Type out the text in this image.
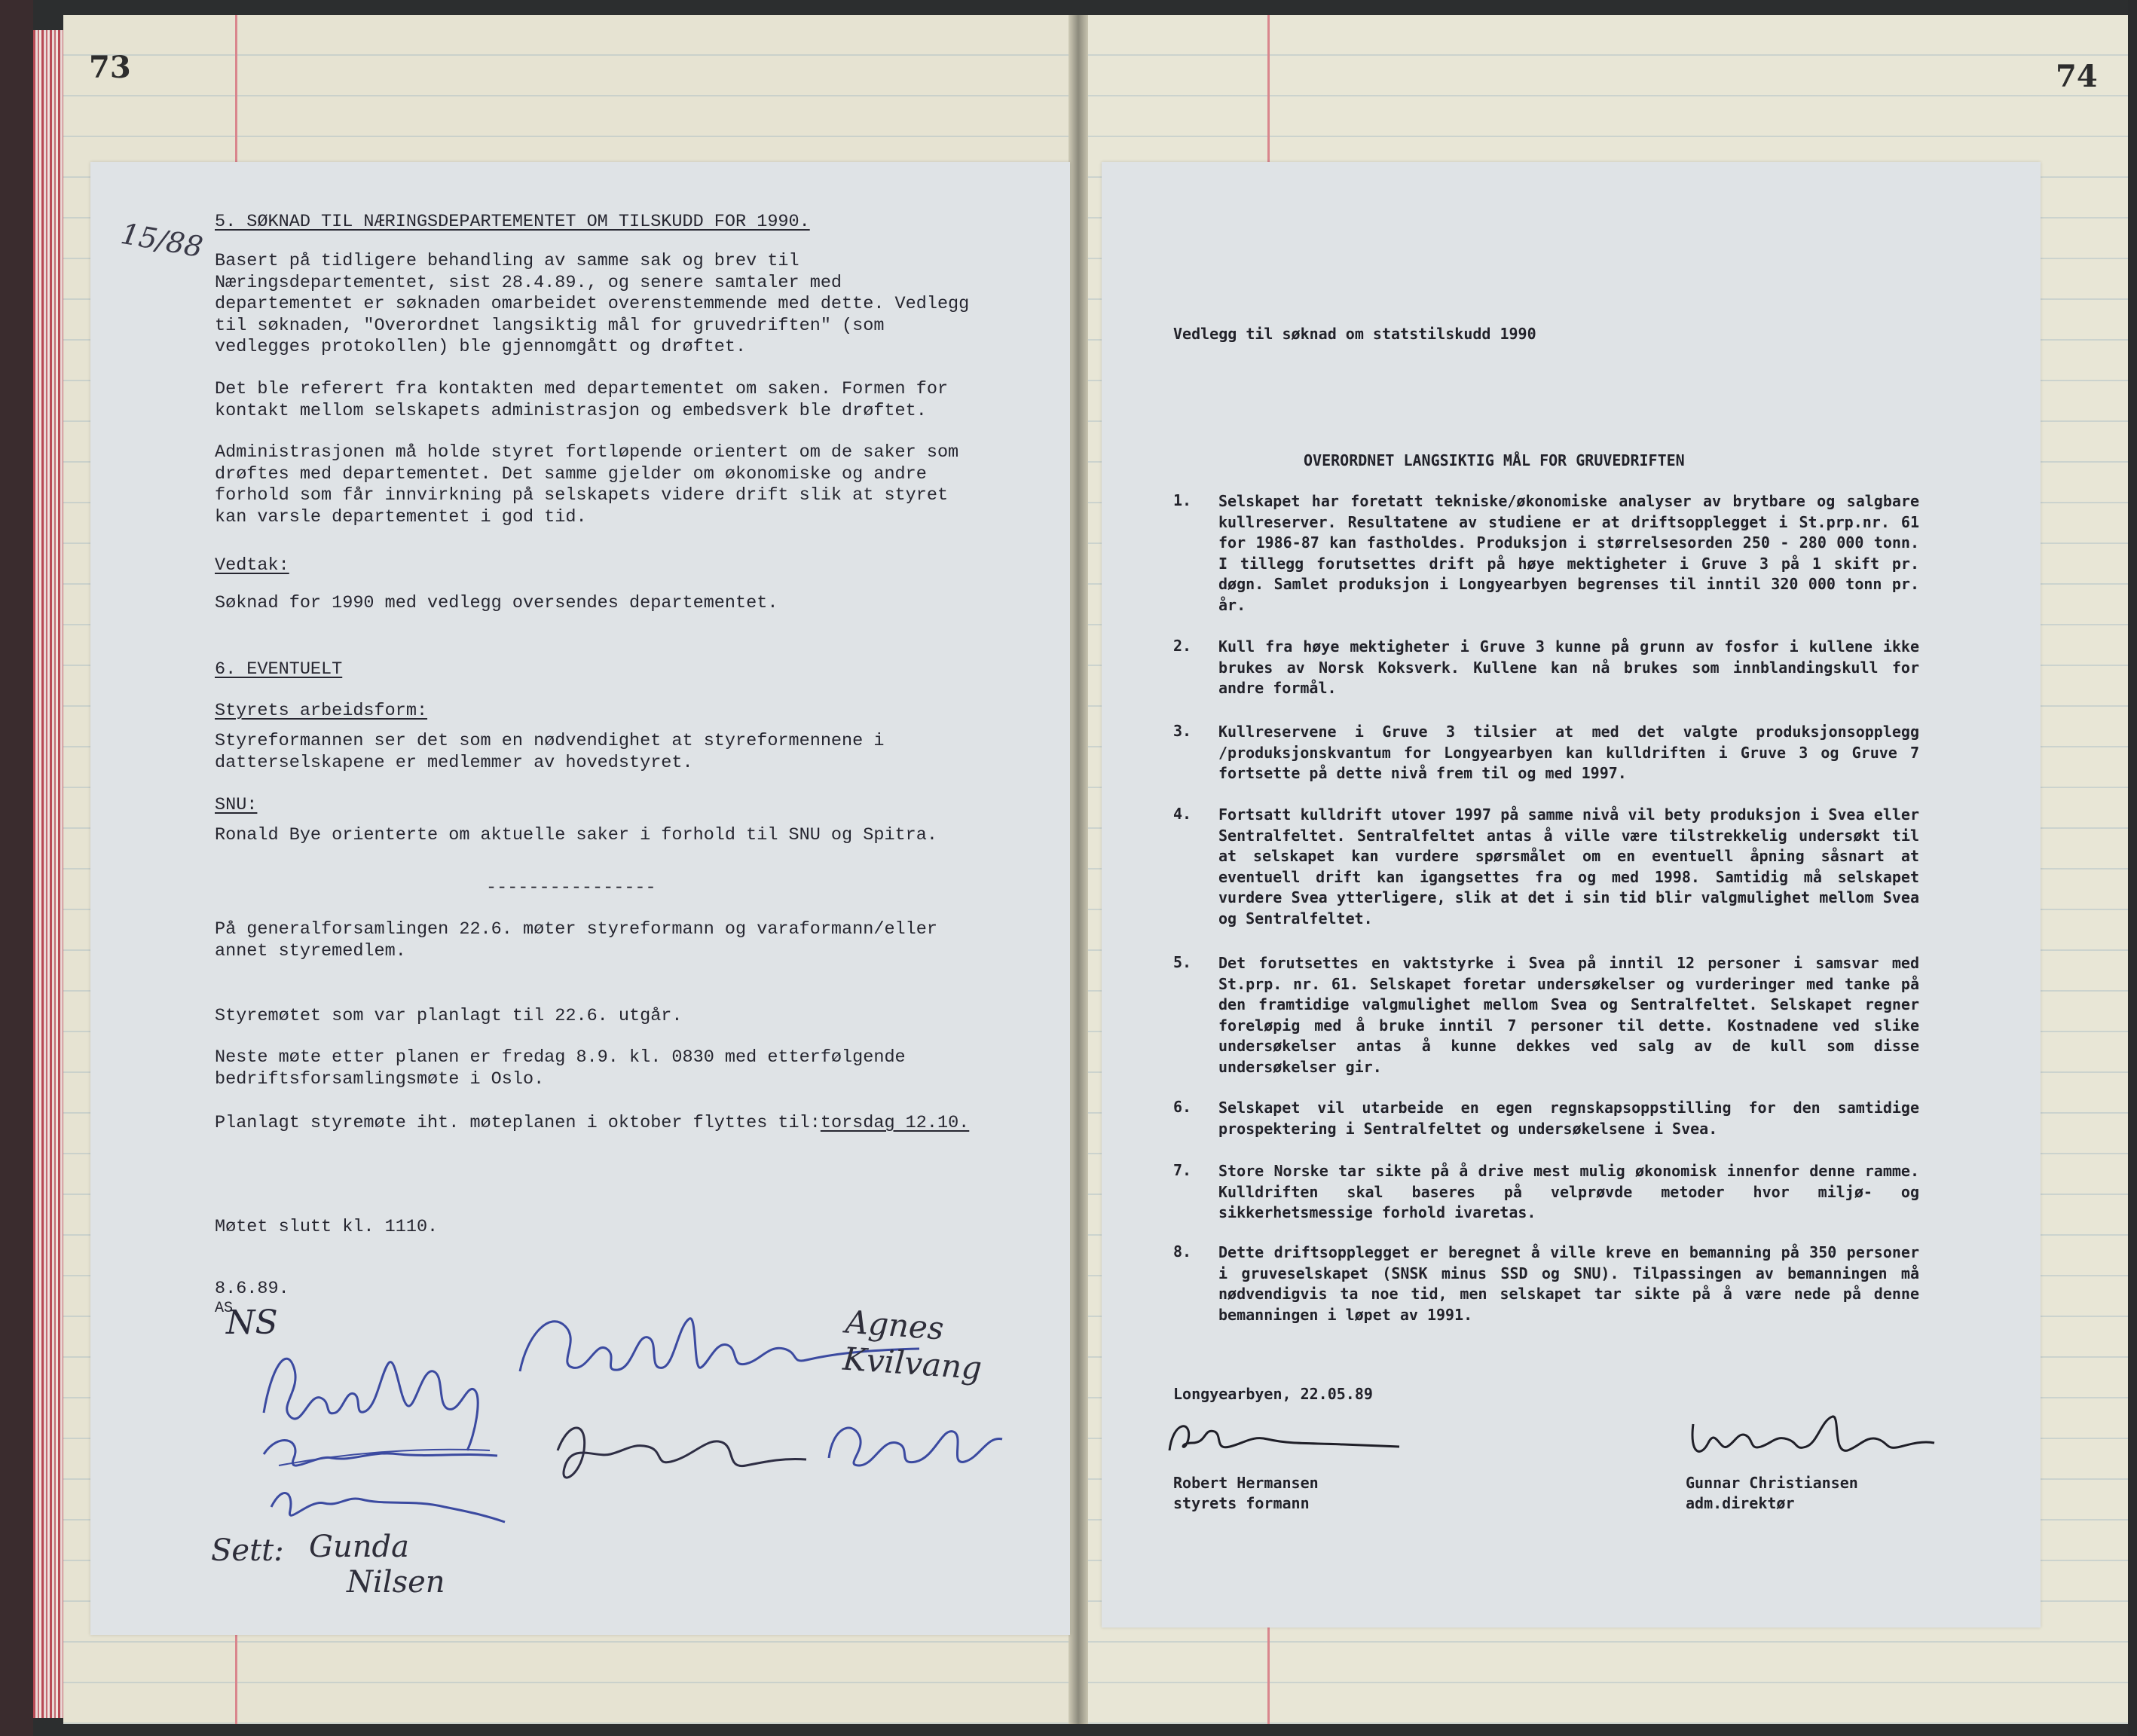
73	74
15/88 5. SØKNAD TIL NÆRINGSDEPARTEMENTET OM TILSKUDD FOR 1990.
Basert på tidligere behandling av samme sak og brev til
Næringsdepartementet, sist 28.4.89., og senere samtaler med
departementet er søknaden omarbeidet overenstemmende med dette. Vedlegg
til søknaden, "Overordnet langsiktig mål for gruvedriften" (som
vedlegges protokollen) ble gjennomgått og drøftet.
Det ble referert fra kontakten med departementet om saken. Formen for
kontakt mellom selskapets administrasjon og embedsverk ble drøftet.
Administrasjonen må holde styret fortløpende orientert om de saker som
drøftes med departementet. Det samme gjelder om økonomiske og andre
forhold som får innvirkning på selskapets videre drift slik at styret
kan varsle departementet i god tid.
Vedtak:
Søknad for 1990 med vedlegg oversendes departementet.
6. EVENTUELT
Styrets arbeidsform:
Styreformannen ser det som en nødvendighet at styreformennene i
datterselskapene er medlemmer av hovedstyret.
SNU:
Ronald Bye orienterte om aktuelle saker i forhold til SNU og Spitra.
----------------
På generalforsamlingen 22.6. møter styreformann og varaformann/eller
annet styremedlem.
Styremøtet som var planlagt til 22.6. utgår.
Neste møte etter planen er fredag 8.9. kl. 0830 med etterfølgende
bedriftsforsamlingsmøte i Oslo.
Planlagt styremøte iht. møteplanen i oktober flyttes til:torsdag 12.10.
Møtet slutt kl. 1110.
8.6.89.
AS
NS	Agnes Kvilvang
Sett: Gunda
Nilsen
Vedlegg til søknad om statstilskudd 1990
OVERORDNET LANGSIKTIG MÅL FOR GRUVEDRIFTEN
1. Selskapet har foretatt tekniske/økonomiske analyser av brytbare og salgbare kullreserver. Resultatene av studiene er at driftsopplegget i St.prp.nr. 61 for 1986-87 kan fastholdes. Produksjon i størrelsesorden 250 - 280 000 tonn. I tillegg forutsettes drift på høye mektigheter i Gruve 3 på 1 skift pr. døgn. Samlet produksjon i Longyearbyen begrenses til inntil 320 000 tonn pr. år.
2. Kull fra høye mektigheter i Gruve 3 kunne på grunn av fosfor i kullene ikke brukes av Norsk Koksverk. Kullene kan nå brukes som innblandingskull for andre formål.
3. Kullreservene i Gruve 3 tilsier at med det valgte produksjonsopplegg /produksjonskvantum for Longyearbyen kan kulldriften i Gruve 3 og Gruve 7 fortsette på dette nivå frem til og med 1997.
4. Fortsatt kulldrift utover 1997 på samme nivå vil bety produksjon i Svea eller Sentralfeltet. Sentralfeltet antas å ville være tilstrekkelig undersøkt til at selskapet kan vurdere spørsmålet om en eventuell åpning såsnart at eventuell drift kan igangsettes fra og med 1998. Samtidig må selskapet vurdere Svea ytterligere, slik at det i sin tid blir valgmulighet mellom Svea og Sentralfeltet.
5. Det forutsettes en vaktstyrke i Svea på inntil 12 personer i samsvar med St.prp. nr. 61. Selskapet foretar undersøkelser og vurderinger med tanke på den framtidige valgmulighet mellom Svea og Sentralfeltet. Selskapet regner foreløpig med å bruke inntil 7 personer til dette. Kostnadene ved slike undersøkelser antas å kunne dekkes ved salg av de kull som disse undersøkelser gir.
6. Selskapet vil utarbeide en egen regnskapsoppstilling for den samtidige prospektering i Sentralfeltet og undersøkelsene i Svea.
7. Store Norske tar sikte på å drive mest mulig økonomisk innenfor denne ramme. Kulldriften skal baseres på velprøvde metoder hvor miljø- og sikkerhetsmessige forhold ivaretas.
8. Dette driftsopplegget er beregnet å ville kreve en bemanning på 350 personer i gruveselskapet (SNSK minus SSD og SNU). Tilpassingen av bemanningen må nødvendigvis ta noe tid, men selskapet tar sikte på å være nede på denne bemanningen i løpet av 1991.
Longyearbyen, 22.05.89
Robert Hermansen
styrets formann
Gunnar Christiansen
adm.direktør
